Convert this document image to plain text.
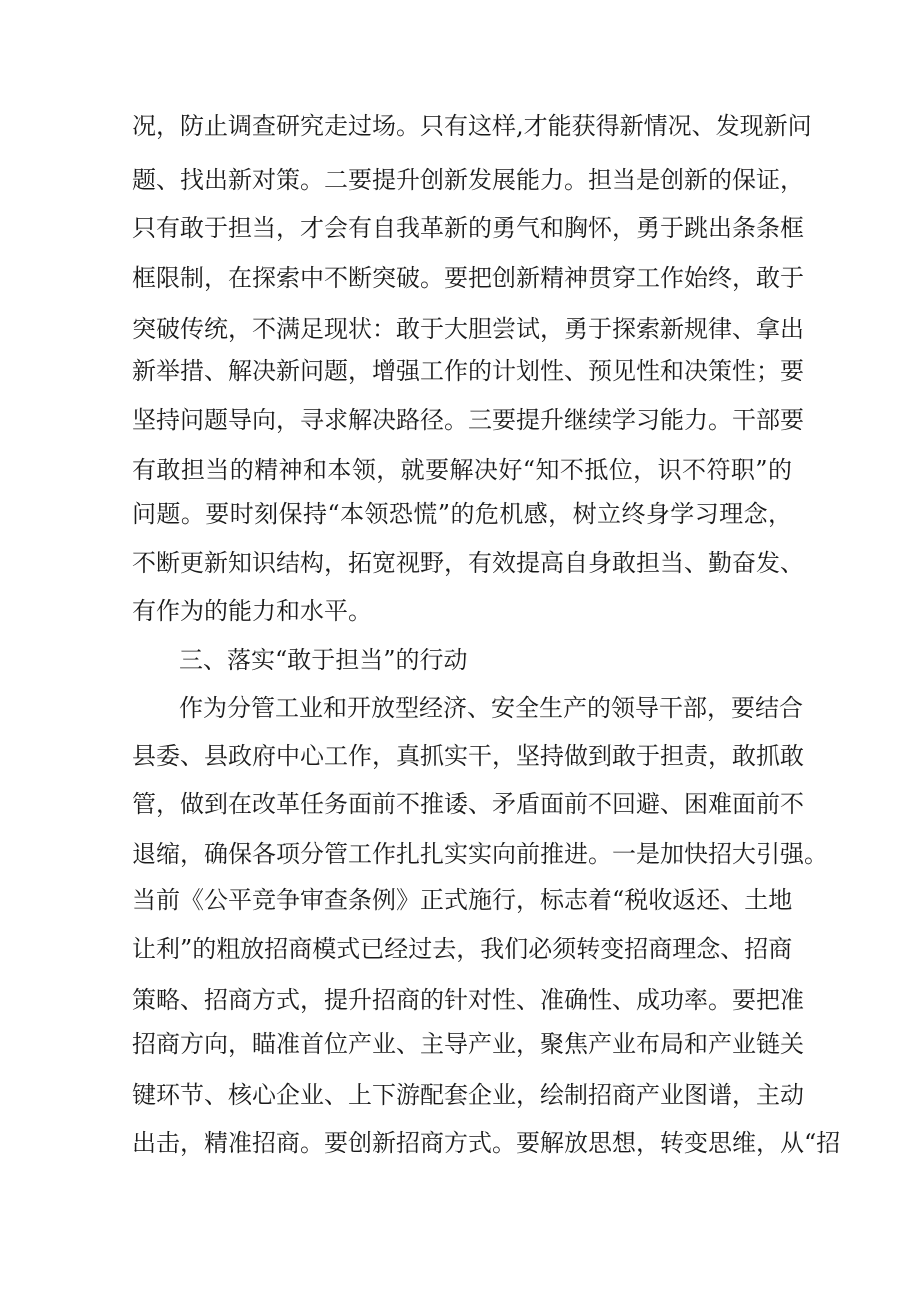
况，防止调查研究走过场。只有这样,才能获得新情况、发现新问
题、找出新对策。二要提升创新发展能力。担当是创新的保证，
只有敢于担当，才会有自我革新的勇气和胸怀，勇于跳出条条框
框限制，在探索中不断突破。要把创新精神贯穿工作始终，敢于
突破传统，不满足现状：敢于大胆尝试，勇于探索新规律、拿出
新举措、解决新问题，增强工作的计划性、预见性和决策性；要
坚持问题导向，寻求解决路径。三要提升继续学习能力。干部要
有敢担当的精神和本领，就要解决好“知不抵位，识不符职”的
问题。要时刻保持“本领恐慌”的危机感，树立终身学习理念，
不断更新知识结构，拓宽视野，有效提高自身敢担当、勤奋发、
有作为的能力和水平。
三、落实“敢于担当”的行动
作为分管工业和开放型经济、安全生产的领导干部，要结合
县委、县政府中心工作，真抓实干，坚持做到敢于担责，敢抓敢
管，做到在改革任务面前不推诿、矛盾面前不回避、困难面前不
退缩，确保各项分管工作扎扎实实向前推进。一是加快招大引强。
当前《公平竞争审查条例》正式施行，标志着“税收返还、土地
让利”的粗放招商模式已经过去，我们必须转变招商理念、招商
策略、招商方式，提升招商的针对性、准确性、成功率。要把准
招商方向，瞄准首位产业、主导产业，聚焦产业布局和产业链关
键环节、核心企业、上下游配套企业，绘制招商产业图谱，主动
出击，精准招商。要创新招商方式。要解放思想，转变思维，从“招
